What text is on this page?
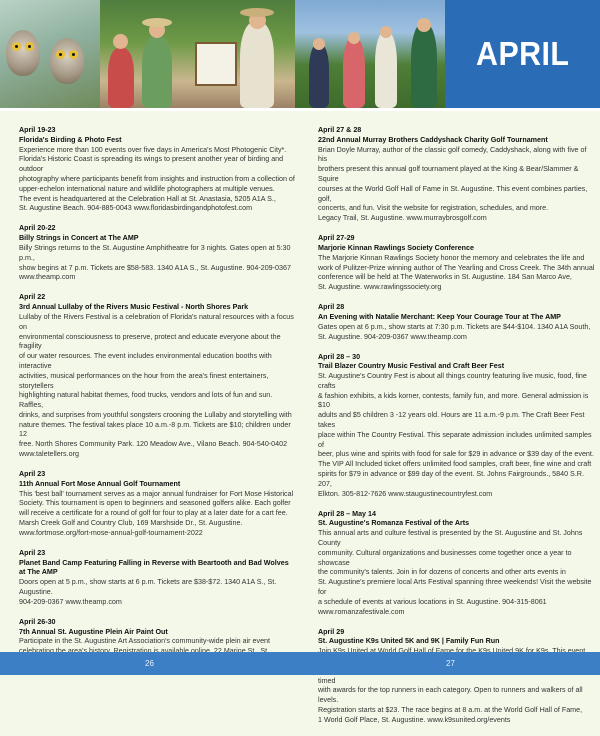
APRIL
April 19-23
Florida's Birding & Photo Fest
Experience more than 100 events over five days in America's Most Photogenic City*.
Florida's Historic Coast is spreading its wings to present another year of birding and outdoor
photography where participants benefit from insights and instruction from a collection of
upper-echelon international nature and wildlife photographers at multiple venues.
The event is headquartered at the Celebration Hall at St. Anastasia, 5205 A1A S.,
St. Augustine Beach. 904-885-0043 www.floridasbirdingandphotofest.com
April 20-22
Billy Strings in Concert at The AMP
Billy Strings returns to the St. Augustine Amphitheatre for 3 nights. Gates open at 5:30 p.m.,
show begins at 7 p.m. Tickets are $58-583. 1340 A1A S., St. Augustine. 904-209-0367
www.theamp.com
April 22
3rd Annual Lullaby of the Rivers Music Festival - North Shores Park
Lullaby of the Rivers Festival is a celebration of Florida's natural resources with a focus on
environmental consciousness to preserve, protect and educate everyone about the fragility
of our water resources. The event includes environmental education booths with interactive
activities, musical performances on the hour from the area's finest entertainers, storytellers
highlighting natural habitat themes, food trucks, vendors and lots of fun and sun. Raffles,
drinks, and surprises from youthful songsters crooning the Lullaby and storytelling with
nature themes. The festival takes place 10 a.m.-8 p.m. Tickets are $10; children under 12
free. North Shores Community Park. 120 Meadow Ave., Vilano Beach. 904-540-0402
www.taletellers.org
April 23
11th Annual Fort Mose Annual Golf Tournament
This 'best ball' tournament serves as a major annual fundraiser for Fort Mose Historical
Society. This tournament is open to beginners and seasoned golfers alike. Each golfer
will receive a certificate for a round of golf for four to play at a later date for a cart fee.
Marsh Creek Golf and Country Club, 169 Marshside Dr., St. Augustine.
www.fortmose.org/fort-mose-annual-golf-tournament-2022
April 23
Planet Band Camp Featuring Falling in Reverse with Beartooth and Bad Wolves
at The AMP
Doors open at 5 p.m., show starts at 6 p.m. Tickets are $38-$72. 1340 A1A S., St. Augustine.
904-209-0367 www.theamp.com
April 26-30
7th Annual St. Augustine Plein Air Paint Out
Participate in the St. Augustine Art Association's community-wide plein air event

April 27 & 28
22nd Annual Murray Brothers Caddyshack Charity Golf Tournament
Brian Doyle Murray, author of the classic golf comedy, Caddyshack, along with five of his
brothers present this annual golf tournament played at the King & Bear/Slammer & Squire
courses at the World Golf Hall of Fame in St. Augustine. This event combines parties, golf,
concerts, and fun. Visit the website for registration, schedules, and more.
Legacy Trail, St. Augustine. www.murraybrosgolf.com
April 27-29
Marjorie Kinnan Rawlings Society Conference
The Marjorie Kinnan Rawlings Society honor the memory and celebrates the life and
work of Pulitzer-Prize winning author of The Yearling and Cross Creek. The 34th annual
conference will be held at The Waterworks in St. Augustine. 184 San Marco Ave,
St. Augustine. www.rawlingssociety.org
April 28
An Evening with Natalie Merchant: Keep Your Courage Tour at The AMP
Gates open at 6 p.m., show starts at 7:30 p.m. Tickets are $44-$104. 1340 A1A South,
St. Augustine. 904-209-0367 www.theamp.com
April 28 – 30
Trail Blazer Country Music Festival and Craft Beer Fest
St. Augustine's Country Fest is about all things country featuring live music, food, fine crafts
& fashion exhibits, a kids korner, contests, family fun, and more. General admission is $10
adults and $5 children 3 -12 years old. Hours are 11 a.m.-9 p.m. The Craft Beer Fest takes
place within The Country Festival. This separate admission includes unlimited samples of
beer, plus wine and spirits with food for sale for $29 in advance or $39 day of the event.
The VIP All Included ticket offers unlimited food samples, craft beer, fine wine and craft
spirits for $79 in advance or $99 day of the event. St. Johns Fairgrounds., 5840 S.R. 207,
Elkton. 305-812-7626 www.staugustinecountryfest.com
April 28 – May 14
St. Augustine's Romanza Festival of the Arts
This annual arts and culture festival is presented by the St. Augustine and St. Johns County
community. Cultural organizations and businesses come together once a year to showcase
the community's talents. Join in for dozens of concerts and other arts events in
St. Augustine's premiere local Arts Festival spanning three weekends! Visit the website for
a schedule of events at various locations in St. Augustine. 904-315-8061
www.romanzafestivale.com
April 29
St. Augustine K9s United 5K and 9K | Family Fun Run

timed
with awards for the top runners in each category. Open to runners and walkers of all levels.
Registration starts at $23. The race begins at 8 a.m. at the World Golf Hall of Fame,
1 World Golf Place, St. Augustine. www.k9sunited.org/events
26	27
